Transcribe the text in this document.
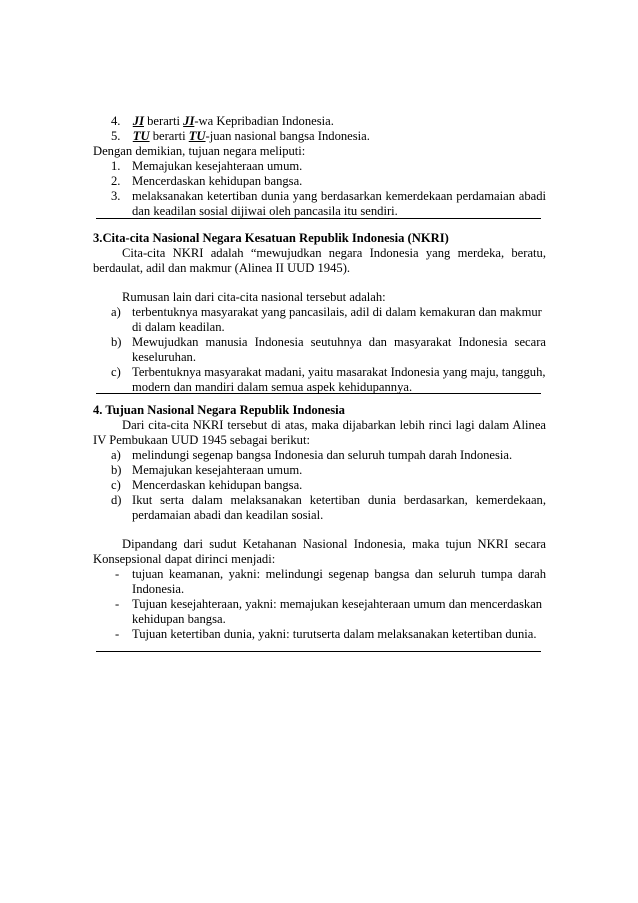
4. JI berarti JI-wa Kepribadian Indonesia.
5. TU berarti TU-juan nasional bangsa Indonesia.
Dengan demikian, tujuan negara meliputi:
1. Memajukan kesejahteraan umum.
2. Mencerdaskan kehidupan bangsa.
3. melaksanakan ketertiban dunia yang berdasarkan kemerdekaan perdamaian abadi
dan keadilan sosial dijiwai oleh pancasila itu sendiri.
3.Cita-cita Nasional Negara Kesatuan Republik Indonesia (NKRI)
Cita-cita NKRI adalah “mewujudkan negara Indonesia yang merdeka, beratu,
berdaulat, adil dan makmur (Alinea II UUD 1945).
Rumusan lain dari cita-cita nasional tersebut adalah:
a) terbentuknya masyarakat yang pancasilais, adil di dalam kemakuran dan makmur
di dalam keadilan.
b) Mewujudkan manusia Indonesia seutuhnya dan masyarakat Indonesia secara
keseluruhan.
c) Terbentuknya masyarakat madani, yaitu masarakat Indonesia yang maju, tangguh,
modern dan mandiri dalam semua aspek kehidupannya.
4. Tujuan Nasional Negara Republik Indonesia
Dari cita-cita NKRI tersebut di atas, maka dijabarkan lebih rinci lagi dalam Alinea
IV Pembukaan UUD 1945 sebagai berikut:
a) melindungi segenap bangsa Indonesia dan seluruh tumpah darah Indonesia.
b) Memajukan kesejahteraan umum.
c) Mencerdaskan kehidupan bangsa.
d) Ikut serta dalam melaksanakan ketertiban dunia berdasarkan, kemerdekaan,
perdamaian abadi dan keadilan sosial.
Dipandang dari sudut Ketahanan Nasional Indonesia, maka tujun NKRI secara
Konsepsional dapat dirinci menjadi:
- tujuan keamanan, yakni: melindungi segenap bangsa dan seluruh tumpa darah
Indonesia.
- Tujuan kesejahteraan, yakni: memajukan kesejahteraan umum dan mencerdaskan
kehidupan bangsa.
- Tujuan ketertiban dunia, yakni: turutserta dalam melaksanakan ketertiban dunia.
